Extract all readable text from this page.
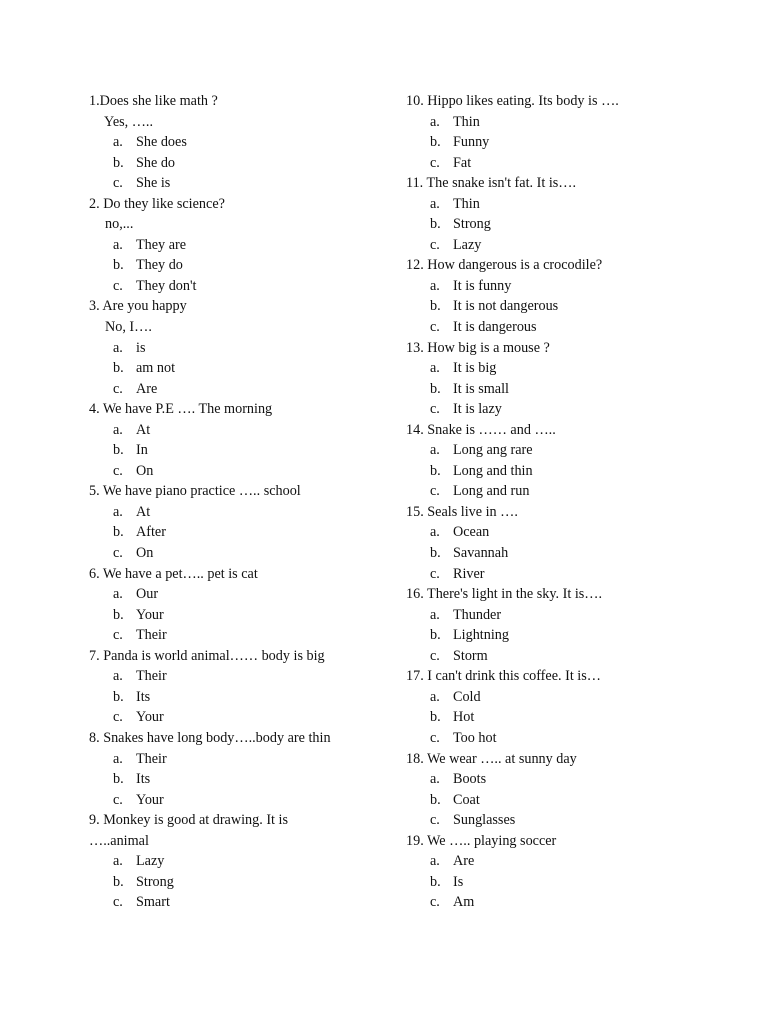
1.Does she like math ?
Yes, …..
a. She does
b. She do
c. She is
2. Do they like science?
no,...
a. They are
b. They do
c. They don't
3. Are you happy
No, I….
a. is
b. am not
c. Are
4. We have P.E …. The morning
a. At
b. In
c. On
5. We have piano practice ….. school
a. At
b. After
c. On
6. We have a pet….. pet is cat
a. Our
b. Your
c. Their
7. Panda is world animal…… body is big
a. Their
b. Its
c. Your
8. Snakes have long body…..body are thin
a. Their
b. Its
c. Your
9. Monkey is good at drawing. It is
…..animal
a. Lazy
b. Strong
c. Smart
10. Hippo likes eating. Its body is ….
a. Thin
b. Funny
c. Fat
11. The snake isn't fat. It is….
a. Thin
b. Strong
c. Lazy
12. How dangerous is a crocodile?
a. It is funny
b. It is not dangerous
c. It is dangerous
13. How big is a mouse ?
a. It is big
b. It is small
c. It is lazy
14. Snake is …… and …..
a. Long ang rare
b. Long and thin
c. Long and run
15. Seals live in ….
a. Ocean
b. Savannah
c. River
16. There's light in the sky. It is….
a. Thunder
b. Lightning
c. Storm
17. I can't drink this coffee. It is…
a. Cold
b. Hot
c. Too hot
18. We wear ….. at sunny day
a. Boots
b. Coat
c. Sunglasses
19. We ….. playing soccer
a. Are
b. Is
c. Am
